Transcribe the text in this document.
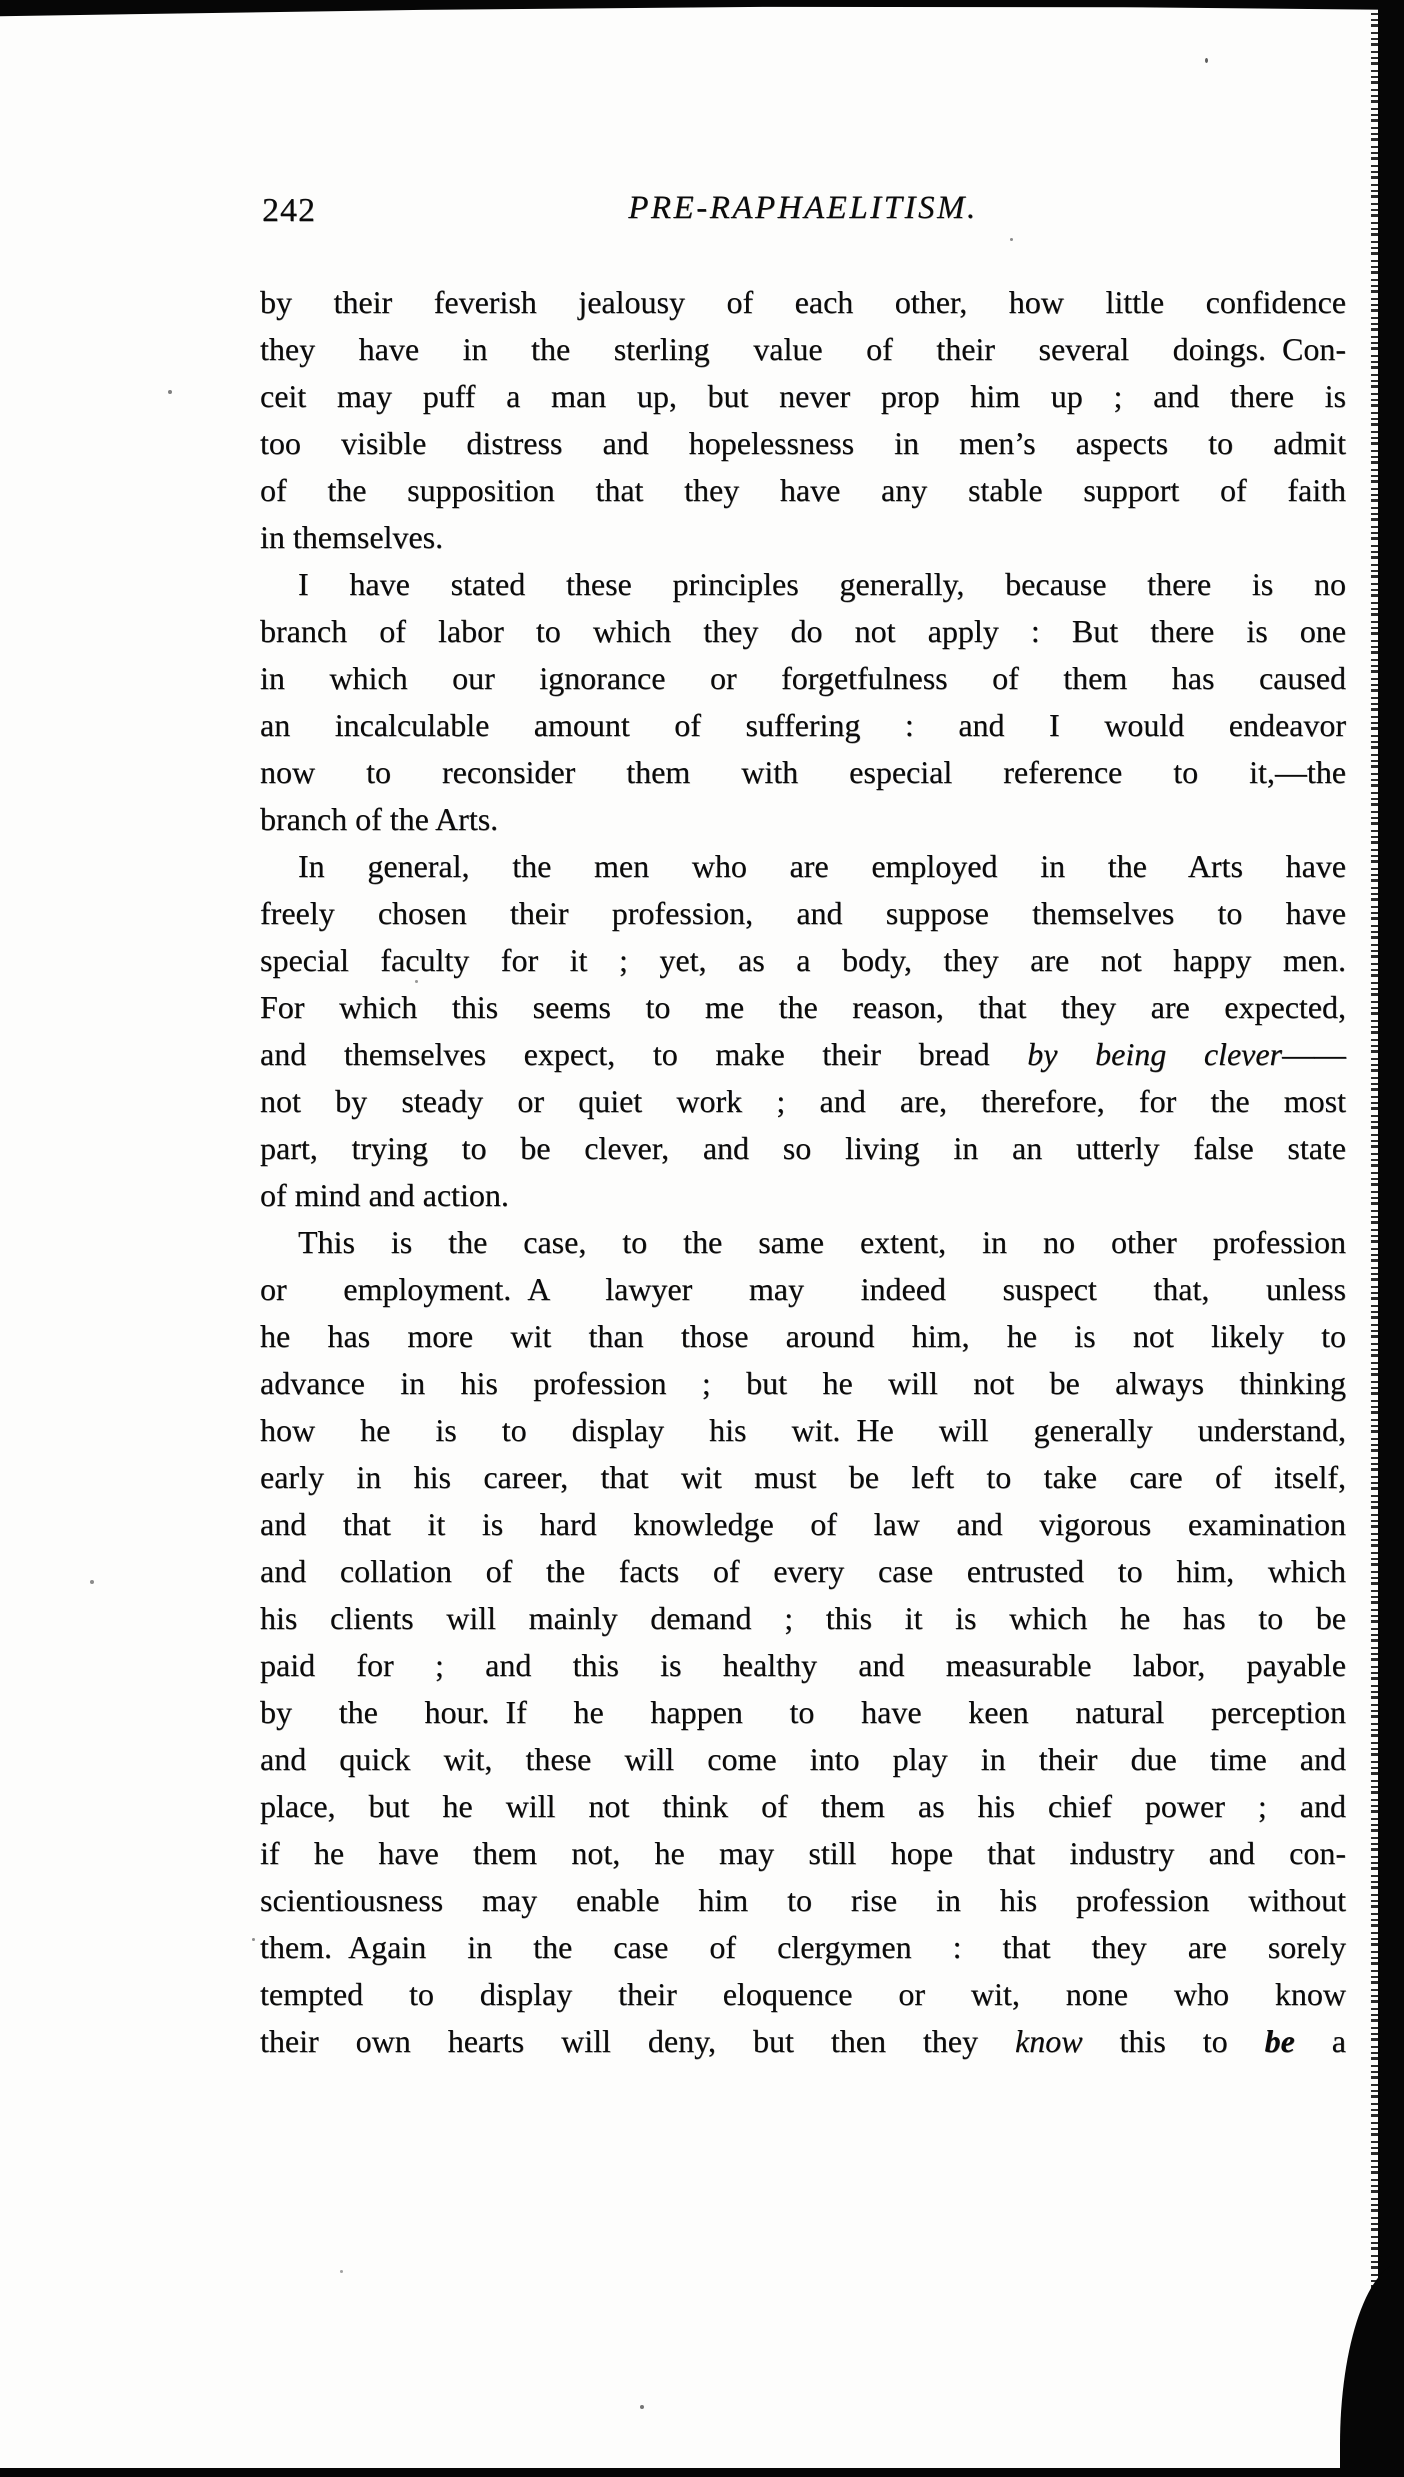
242	PRE-RAPHAELITISM.
by their feverish jealousy of each other, how little confidence
they have in the sterling value of their several doings. Con-
ceit may puff a man up, but never prop him up ; and there is
too visible distress and hopelessness in men’s aspects to admit
of the supposition that they have any stable support of faith
in themselves.
I have stated these principles generally, because there is no
branch of labor to which they do not apply : But there is one
in which our ignorance or forgetfulness of them has caused
an incalculable amount of suffering : and I would endeavor
now to reconsider them with especial reference to it,—the
branch of the Arts.
In general, the men who are employed in the Arts have
freely chosen their profession, and suppose themselves to have
special faculty for it ; yet, as a body, they are not happy men.
For which this seems to me the reason, that they are expected,
and themselves expect, to make their bread by being clever——
not by steady or quiet work ; and are, therefore, for the most
part, trying to be clever, and so living in an utterly false state
of mind and action.
This is the case, to the same extent, in no other profession
or employment. A lawyer may indeed suspect that, unless
he has more wit than those around him, he is not likely to
advance in his profession ; but he will not be always thinking
how he is to display his wit. He will generally understand,
early in his career, that wit must be left to take care of itself,
and that it is hard knowledge of law and vigorous examination
and collation of the facts of every case entrusted to him, which
his clients will mainly demand ; this it is which he has to be
paid for ; and this is healthy and measurable labor, payable
by the hour. If he happen to have keen natural perception
and quick wit, these will come into play in their due time and
place, but he will not think of them as his chief power ; and
if he have them not, he may still hope that industry and con-
scientiousness may enable him to rise in his profession without
them. Again in the case of clergymen : that they are sorely
tempted to display their eloquence or wit, none who know
their own hearts will deny, but then they know this to be a
